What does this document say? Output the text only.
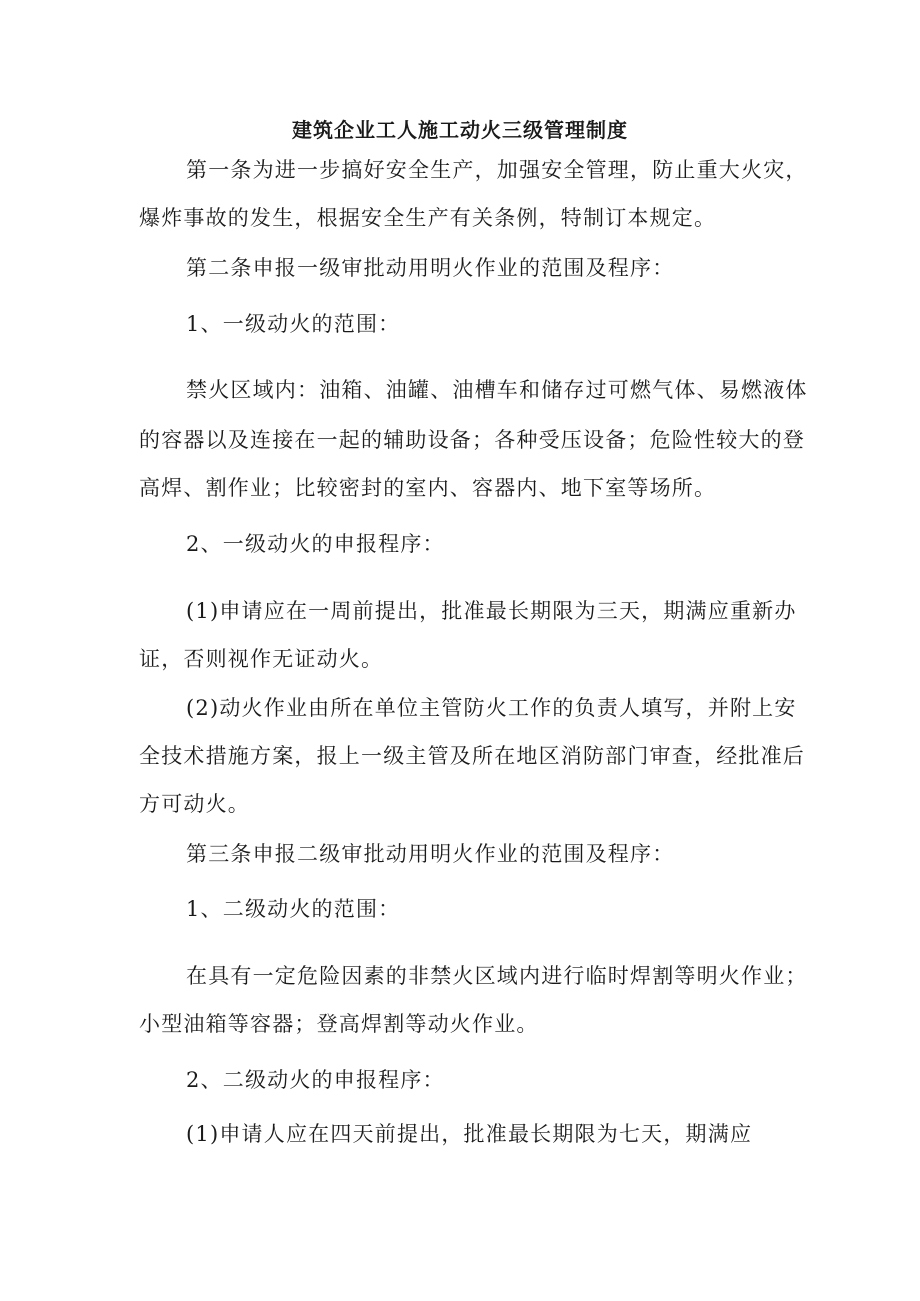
建筑企业工人施工动火三级管理制度
第一条为进一步搞好安全生产，加强安全管理，防止重大火灾，
爆炸事故的发生，根据安全生产有关条例，特制订本规定。
第二条申报一级审批动用明火作业的范围及程序：
1、一级动火的范围：
禁火区域内：油箱、油罐、油槽车和储存过可燃气体、易燃液体
的容器以及连接在一起的辅助设备；各种受压设备；危险性较大的登
高焊、割作业；比较密封的室内、容器内、地下室等场所。
2、一级动火的申报程序：
(1)申请应在一周前提出，批准最长期限为三天，期满应重新办
证，否则视作无证动火。
(2)动火作业由所在单位主管防火工作的负责人填写，并附上安
全技术措施方案，报上一级主管及所在地区消防部门审查，经批准后
方可动火。
第三条申报二级审批动用明火作业的范围及程序：
1、二级动火的范围：
在具有一定危险因素的非禁火区域内进行临时焊割等明火作业；
小型油箱等容器；登高焊割等动火作业。
2、二级动火的申报程序：
(1)申请人应在四天前提出，批准最长期限为七天，期满应
